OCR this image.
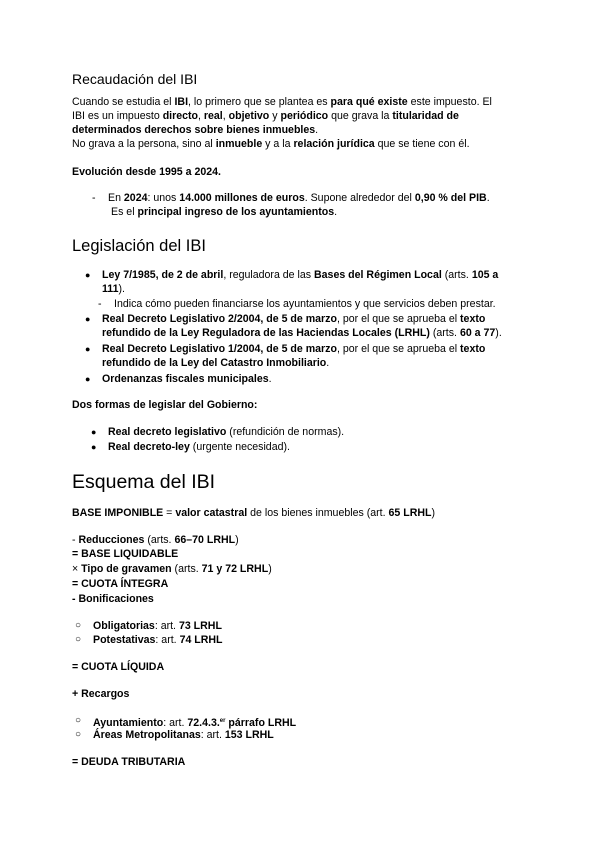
Recaudación del IBI
Cuando se estudia el IBI, lo primero que se plantea es para qué existe este impuesto. El
IBI es un impuesto directo, real, objetivo y periódico que grava la titularidad de
determinados derechos sobre bienes inmuebles.
No grava a la persona, sino al inmueble y a la relación jurídica que se tiene con él.
Evolución desde 1995 a 2024.
- En 2024: unos 14.000 millones de euros. Supone alrededor del 0,90 % del PIB.
Es el principal ingreso de los ayuntamientos.
Legislación del IBI
● Ley 7/1985, de 2 de abril, reguladora de las Bases del Régimen Local (arts. 105 a
111).
- Indica cómo pueden financiarse los ayuntamientos y que servicios deben prestar.
● Real Decreto Legislativo 2/2004, de 5 de marzo, por el que se aprueba el texto
refundido de la Ley Reguladora de las Haciendas Locales (LRHL) (arts. 60 a 77).
● Real Decreto Legislativo 1/2004, de 5 de marzo, por el que se aprueba el texto
refundido de la Ley del Catastro Inmobiliario.
● Ordenanzas fiscales municipales.
Dos formas de legislar del Gobierno:
● Real decreto legislativo (refundición de normas).
● Real decreto-ley (urgente necesidad).
Esquema del IBI
BASE IMPONIBLE = valor catastral de los bienes inmuebles (art. 65 LRHL)
- Reducciones (arts. 66–70 LRHL)
= BASE LIQUIDABLE
× Tipo de gravamen (arts. 71 y 72 LRHL)
= CUOTA ÍNTEGRA
- Bonificaciones
○ Obligatorias: art. 73 LRHL
○ Potestativas: art. 74 LRHL
= CUOTA LÍQUIDA
+ Recargos
○ Ayuntamiento: art. 72.4.3.$^{er}$ párrafo LRHL
○ Áreas Metropolitanas: art. 153 LRHL
= DEUDA TRIBUTARIA
